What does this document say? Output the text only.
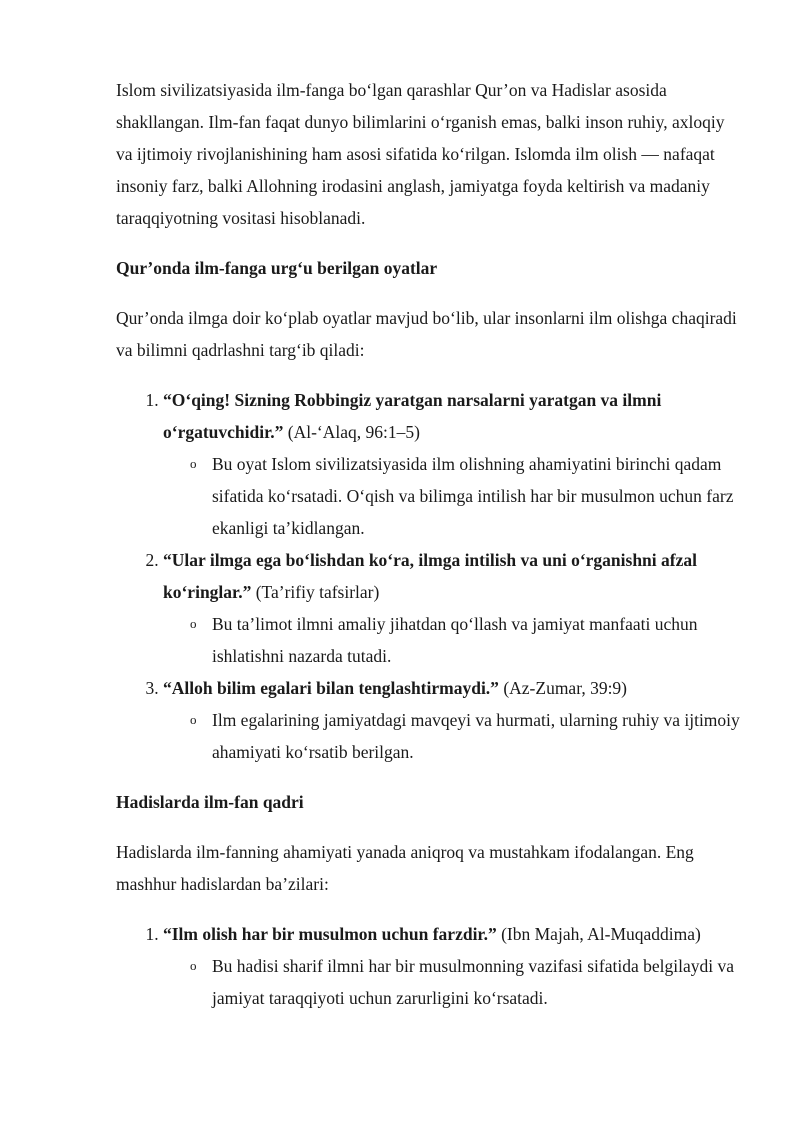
Islom sivilizatsiyasida ilm-fanga bo‘lgan qarashlar Qur’on va Hadislar asosida shakllangan. Ilm-fan faqat dunyo bilimlarini o‘rganish emas, balki inson ruhiy, axloqiy va ijtimoiy rivojlanishining ham asosi sifatida ko‘rilgan. Islomda ilm olish — nafaqat insoniy farz, balki Allohning irodasini anglash, jamiyatga foyda keltirish va madaniy taraqqiyotning vositasi hisoblanadi.

Qur’onda ilm-fanga urg‘u berilgan oyatlar

Qur’onda ilmga doir ko‘plab oyatlar mavjud bo‘lib, ular insonlarni ilm olishga chaqiradi va bilimni qadrlashni targ‘ib qiladi:

1. “O‘qing! Sizning Robbingiz yaratgan narsalarni yaratgan va ilmni o‘rgatuvchidir.” (Al-‘Alaq, 96:1–5)
o Bu oyat Islom sivilizatsiyasida ilm olishning ahamiyatini birinchi qadam sifatida ko‘rsatadi. O‘qish va bilimga intilish har bir musulmon uchun farz ekanligi ta’kidlangan.
2. “Ular ilmga ega bo‘lishdan ko‘ra, ilmga intilish va uni o‘rganishni afzal ko‘ringlar.” (Ta’rifiy tafsirlar)
o Bu ta’limot ilmni amaliy jihatdan qo‘llash va jamiyat manfaati uchun ishlatishni nazarda tutadi.
3. “Alloh bilim egalari bilan tenglashtirmaydi.” (Az-Zumar, 39:9)
o Ilm egalarining jamiyatdagi mavqeyi va hurmati, ularning ruhiy va ijtimoiy ahamiyati ko‘rsatib berilgan.
Hadislarda ilm-fan qadri

Hadislarda ilm-fanning ahamiyati yanada aniqroq va mustahkam ifodalangan. Eng mashhur hadislardan ba’zilari:

1. “Ilm olish har bir musulmon uchun farzdir.” (Ibn Majah, Al-Muqaddima)
o Bu hadisi sharif ilmni har bir musulmonning vazifasi sifatida belgilaydi va jamiyat taraqqiyoti uchun zarurligini ko‘rsatadi.
